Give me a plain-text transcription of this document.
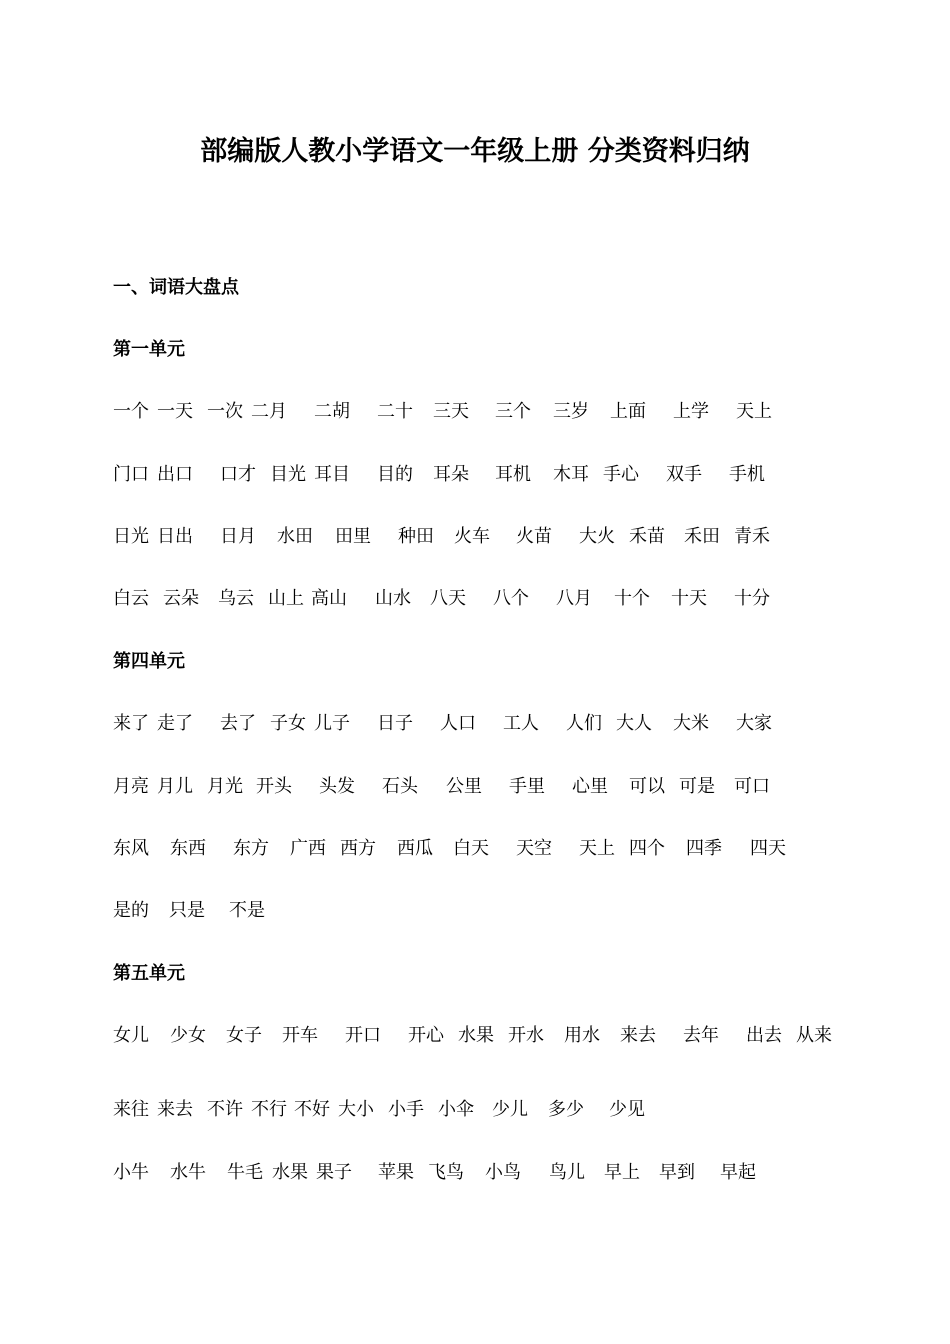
部编版人教小学语文一年级上册 分类资料归纳
一、词语大盘点
第一单元
一个 一天 一次 二月 二胡 二十 三天 三个 三岁 上面 上学 天上
门口 出口 口才 目光 耳目 目的 耳朵 耳机 木耳 手心 双手 手机
日光 日出 日月 水田 田里 种田 火车 火苗 大火 禾苗 禾田 青禾
白云 云朵 乌云 山上 高山 山水 八天 八个 八月 十个 十天 十分
第四单元
来了 走了 去了 子女 儿子 日子 人口 工人 人们 大人 大米 大家
月亮 月儿 月光 开头 头发 石头 公里 手里 心里 可以 可是 可口
东风 东西 东方 广西 西方 西瓜 白天 天空 天上 四个 四季 四天
是的 只是 不是
第五单元
女儿 少女 女子 开车 开口 开心 水果 开水 用水 来去 去年 出去 从来
来往 来去 不许 不行 不好 大小 小手 小伞 少儿 多少 少见
小牛 水牛 牛毛 水果 果子 苹果 飞鸟 小鸟 鸟儿 早上 早到 早起
